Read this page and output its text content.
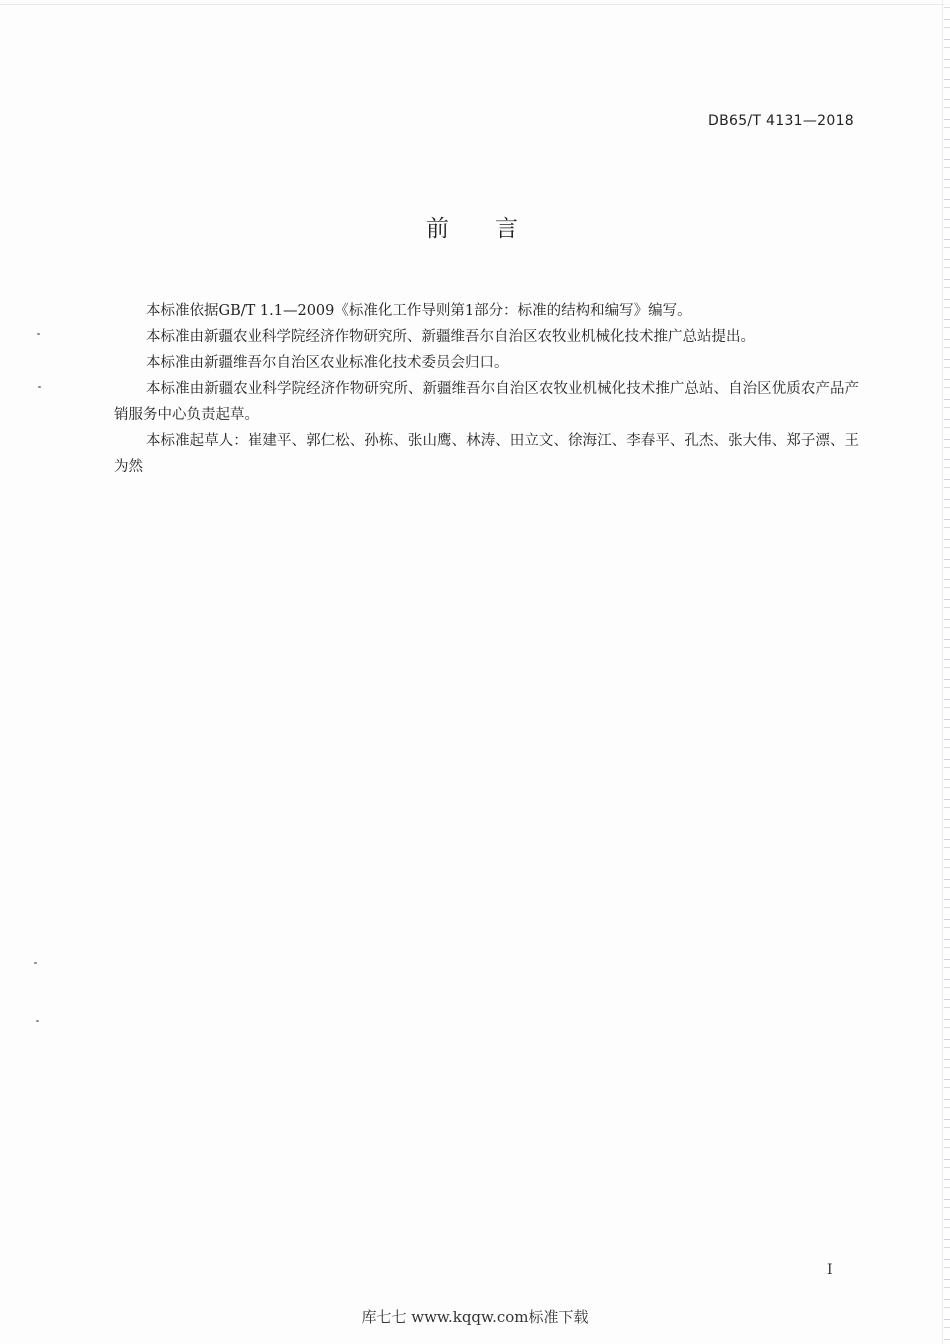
DB65/T 4131—2018
前言

本标准依据GB/T 1.1—2009《标准化工作导则第1部分：标准的结构和编写》编写。

本标准由新疆农业科学院经济作物研究所、新疆维吾尔自治区农牧业机械化技术推广总站提出。

本标准由新疆维吾尔自治区农业标准化技术委员会归口。

本标准由新疆农业科学院经济作物研究所、新疆维吾尔自治区农牧业机械化技术推广总站、自治区优质农产品产销服务中心负责起草。

本标准起草人：崔建平、郭仁松、孙栋、张山鹰、林涛、田立文、徐海江、李春平、孔杰、张大伟、郑子漂、王为然

I
库七七 www.kqqw.com标准下载
